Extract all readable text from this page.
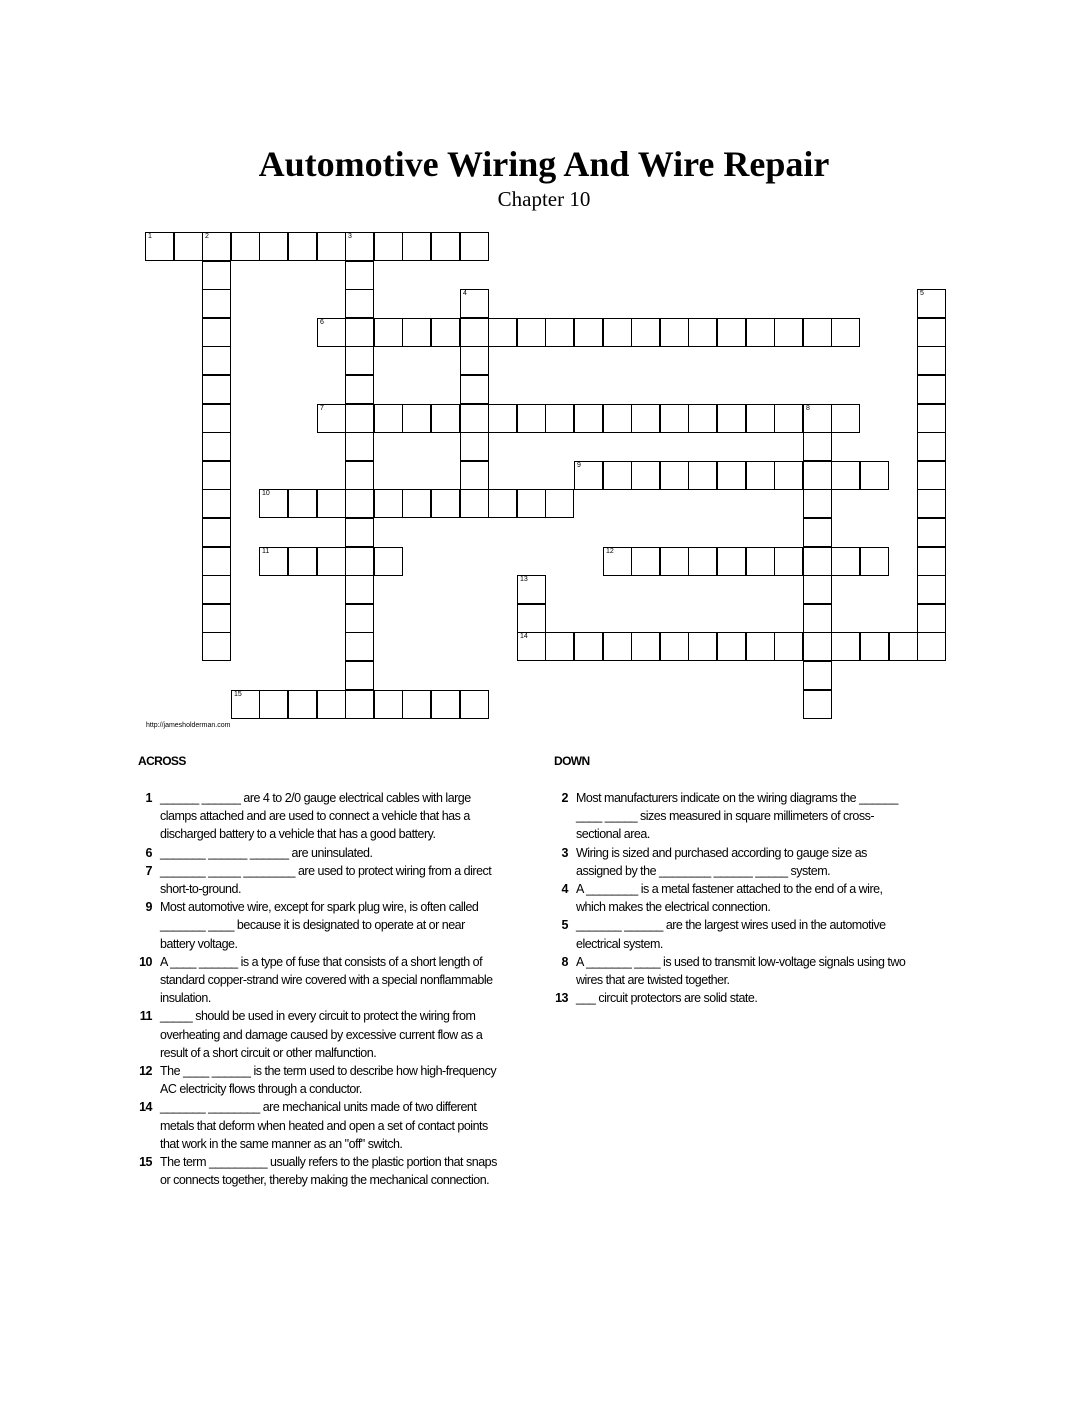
Automotive Wiring And Wire Repair
Chapter 10
1	2	3
4	5
6
7	8
9
10
11	12
13
14
15
http://jamesholderman.com
ACROSS	DOWN
1 ______ ______ are 4 to 2/0 gauge electrical cables with large clamps attached and are used to connect a vehicle that has a discharged battery to a vehicle that has a good battery.
6 _______ ______ ______ are uninsulated.
7 _______ _____ ________ are used to protect wiring from a direct short-to-ground.
9 Most automotive wire, except for spark plug wire, is often called _______ ____ because it is designated to operate at or near battery voltage.
10 A ____ ______ is a type of fuse that consists of a short length of standard copper-strand wire covered with a special nonflammable insulation.
11 _____ should be used in every circuit to protect the wiring from overheating and damage caused by excessive current flow as a result of a short circuit or other malfunction.
12 The ____ ______ is the term used to describe how high-frequency AC electricity flows through a conductor.
14 _______ ________ are mechanical units made of two different metals that deform when heated and open a set of contact points that work in the same manner as an "off" switch.
15 The term _________ usually refers to the plastic portion that snaps or connects together, thereby making the mechanical connection.
2 Most manufacturers indicate on the wiring diagrams the ______ ____ _____ sizes measured in square millimeters of cross-sectional area.
3 Wiring is sized and purchased according to gauge size as assigned by the ________ ______ _____ system.
4 A ________ is a metal fastener attached to the end of a wire, which makes the electrical connection.
5 _______ ______ are the largest wires used in the automotive electrical system.
8 A _______ ____ is used to transmit low-voltage signals using two wires that are twisted together.
13 ___ circuit protectors are solid state.
